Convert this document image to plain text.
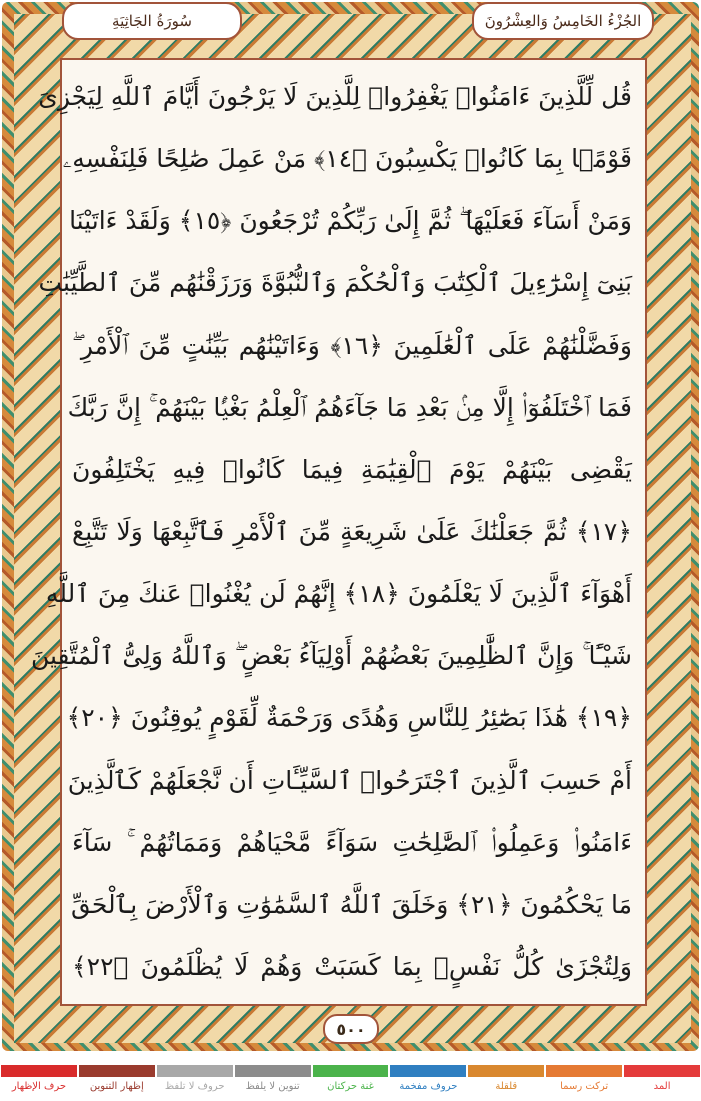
سُورَةُ الجَاثِيَةِ	الجُزْءُ الخَامِسُ وَالعِشْرُونَ
قُل لِّلَّذِينَ ءَامَنُوا۟ يَغْفِرُوا۟ لِلَّذِينَ لَا يَرْجُونَ أَيَّامَ ٱللَّهِ لِيَجْزِىَ
قَوْمًۢا بِمَا كَانُوا۟ يَكْسِبُونَ ﴿١٤﴾ مَنْ عَمِلَ صَٰلِحًا فَلِنَفْسِهِۦ
وَمَنْ أَسَآءَ فَعَلَيْهَا ۖ ثُمَّ إِلَىٰ رَبِّكُمْ تُرْجَعُونَ ﴿١٥﴾ وَلَقَدْ ءَاتَيْنَا
بَنِىٓ إِسْرَٰٓءِيلَ ٱلْكِتَٰبَ وَٱلْحُكْمَ وَٱلنُّبُوَّةَ وَرَزَقْنَٰهُم مِّنَ ٱلطَّيِّبَٰتِ
وَفَضَّلْنَٰهُمْ عَلَى ٱلْعَٰلَمِينَ ﴿١٦﴾ وَءَاتَيْنَٰهُم بَيِّنَٰتٍ مِّنَ ٱلْأَمْرِ ۖ
فَمَا ٱخْتَلَفُوٓا۟ إِلَّا مِنۢ بَعْدِ مَا جَآءَهُمُ ٱلْعِلْمُ بَغْيًۢا بَيْنَهُمْ ۚ إِنَّ رَبَّكَ
يَقْضِى بَيْنَهُمْ يَوْمَ ٱلْقِيَٰمَةِ فِيمَا كَانُوا۟ فِيهِ يَخْتَلِفُونَ
﴿١٧﴾ ثُمَّ جَعَلْنَٰكَ عَلَىٰ شَرِيعَةٍ مِّنَ ٱلْأَمْرِ فَٱتَّبِعْهَا وَلَا تَتَّبِعْ
أَهْوَآءَ ٱلَّذِينَ لَا يَعْلَمُونَ ﴿١٨﴾ إِنَّهُمْ لَن يُغْنُوا۟ عَنكَ مِنَ ٱللَّهِ
شَيْـًٔا ۚ وَإِنَّ ٱلظَّٰلِمِينَ بَعْضُهُمْ أَوْلِيَآءُ بَعْضٍ ۖ وَٱللَّهُ وَلِىُّ ٱلْمُتَّقِينَ
﴿١٩﴾ هَٰذَا بَصَٰٓئِرُ لِلنَّاسِ وَهُدًى وَرَحْمَةٌ لِّقَوْمٍ يُوقِنُونَ ﴿٢٠﴾
أَمْ حَسِبَ ٱلَّذِينَ ٱجْتَرَحُوا۟ ٱلسَّيِّـَٔاتِ أَن نَّجْعَلَهُمْ كَٱلَّذِينَ
ءَامَنُوا۟ وَعَمِلُوا۟ ٱلصَّٰلِحَٰتِ سَوَآءً مَّحْيَاهُمْ وَمَمَاتُهُمْ ۚ سَآءَ
مَا يَحْكُمُونَ ﴿٢١﴾ وَخَلَقَ ٱللَّهُ ٱلسَّمَٰوَٰتِ وَٱلْأَرْضَ بِٱلْحَقِّ
وَلِتُجْزَىٰ كُلُّ نَفْسٍۭ بِمَا كَسَبَتْ وَهُمْ لَا يُظْلَمُونَ ﴿٢٢﴾
٥٠٠
المد
تركت رسما
قلقلة
حروف مفخمة
غنة حركتان
تنوين لا يلفظ
حروف لا تلفظ
إظهار التنوين
حرف الإظهار
